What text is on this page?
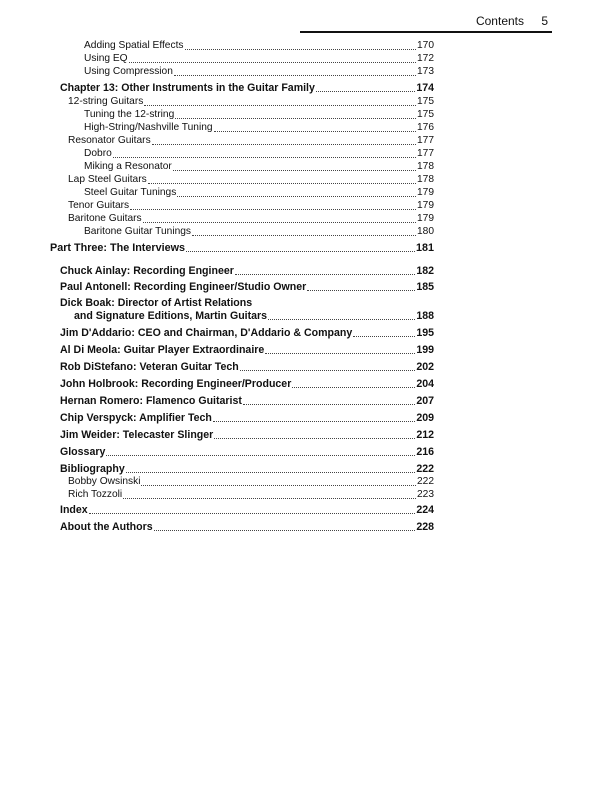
Contents 5
Adding Spatial Effects	170
Using EQ	172
Using Compression	173
Chapter 13: Other Instruments in the Guitar Family	174
12-string Guitars	175
Tuning the 12-string	175
High-String/Nashville Tuning	176
Resonator Guitars	177
Dobro	177
Miking a Resonator	178
Lap Steel Guitars	178
Steel Guitar Tunings	179
Tenor Guitars	179
Baritone Guitars	179
Baritone Guitar Tunings	180
Part Three: The Interviews	181
Chuck Ainlay: Recording Engineer	182
Paul Antonell: Recording Engineer/Studio Owner	185
Dick Boak: Director of Artist Relations
and Signature Editions, Martin Guitars	188
Jim D'Addario: CEO and Chairman, D'Addario & Company	195
Al Di Meola: Guitar Player Extraordinaire	199
Rob DiStefano: Veteran Guitar Tech	202
John Holbrook: Recording Engineer/Producer	204
Hernan Romero: Flamenco Guitarist	207
Chip Verspyck: Amplifier Tech	209
Jim Weider: Telecaster Slinger	212
Glossary	216
Bibliography	222
Bobby Owsinski	222
Rich Tozzoli	223
Index	224
About the Authors	228
